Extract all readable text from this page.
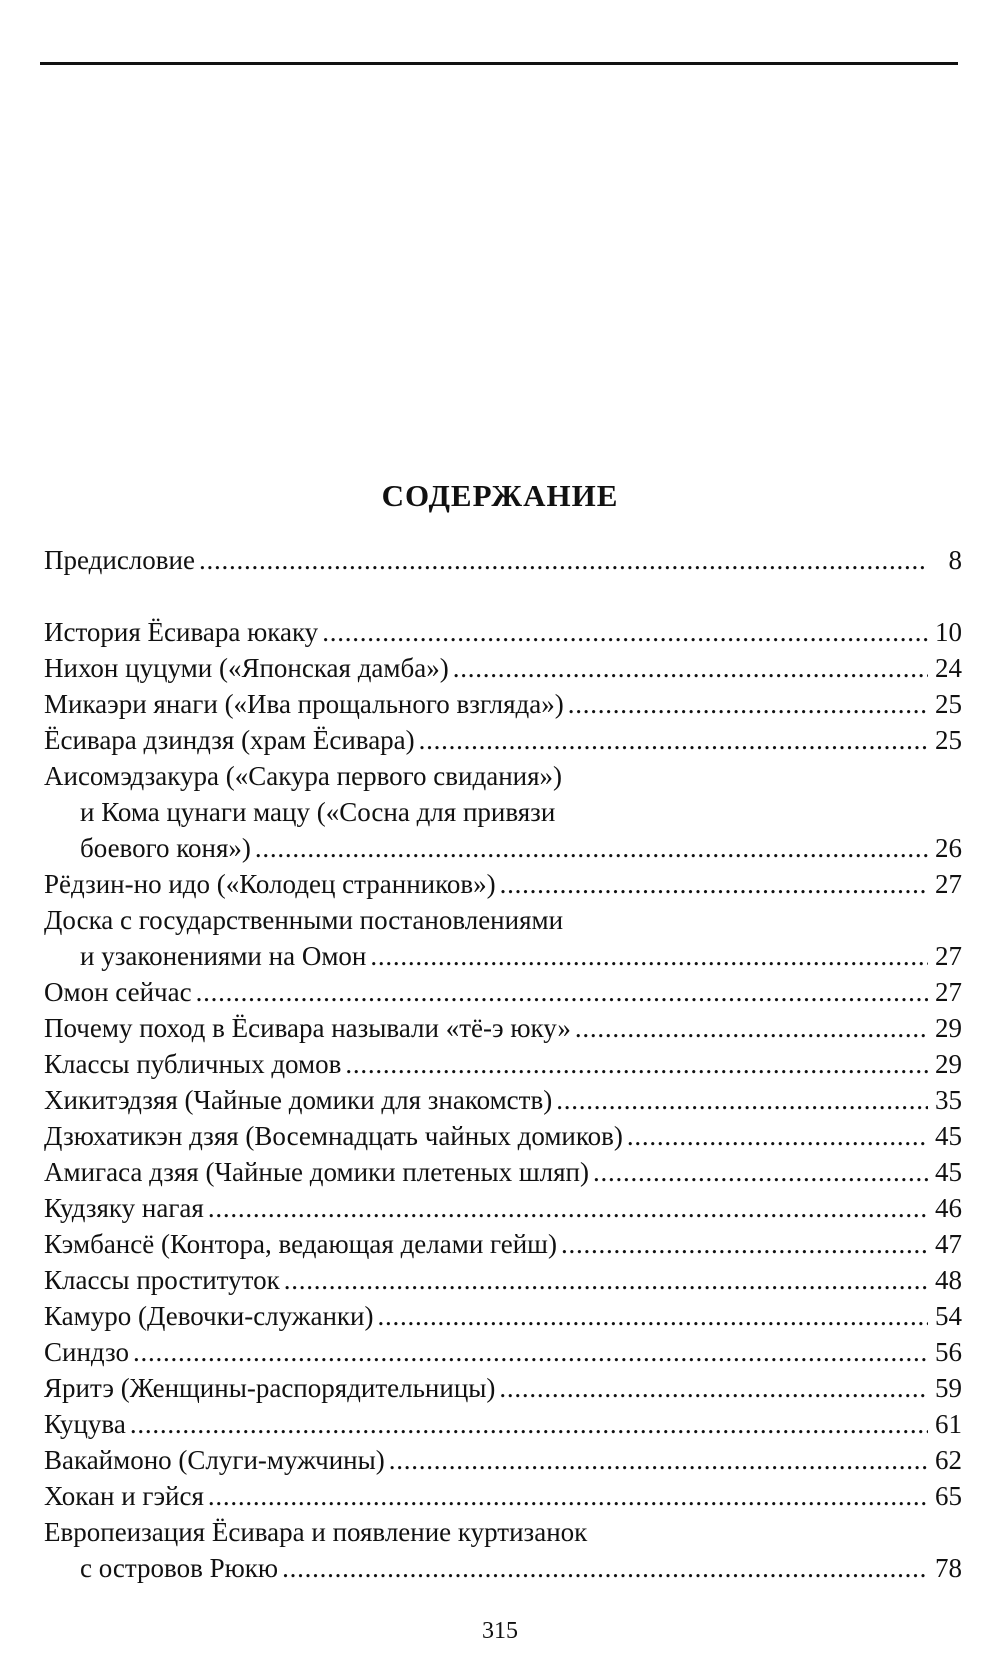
СОДЕРЖАНИЕ
Предисловие . . .	8
История Ёсивара юкаку . . .	10
Нихон цуцуми («Японская дамба») . . .	24
Микаэри янаги («Ива прощального взгляда») . . .	25
Ёсивара дзиндзя (храм Ёсивара) . . .	25
Аисомэдзакура («Сакура первого свидания»)
и Кома цунаги мацу («Сосна для привязи
боевого коня») . . .	26
Рёдзин-но идо («Колодец странников») . . .	27
Доска с государственными постановлениями
и узаконениями на Омон . . .	27
Омон сейчас . . .	27
Почему поход в Ёсивара называли «тё-э юку» . . .	29
Классы публичных домов . . .	29
Хикитэдзяя (Чайные домики для знакомств) . . .	35
Дзюхатикэн дзяя (Восемнадцать чайных домиков) . . .	45
Амигаса дзяя (Чайные домики плетеных шляп) . . .	45
Кудзяку нагая . . .	46
Кэмбансё (Контора, ведающая делами гейш) . . .	47
Классы проституток . . .	48
Камуро (Девочки-служанки) . . .	54
Синдзо . . .	56
Яритэ (Женщины-распорядительницы) . . .	59
Куцува . . .	61
Вакаймоно (Слуги-мужчины) . . .	62
Хокан и гэйся . . .	65
Европеизация Ёсивара и появление куртизанок
с островов Рюкю . . .	78
315
